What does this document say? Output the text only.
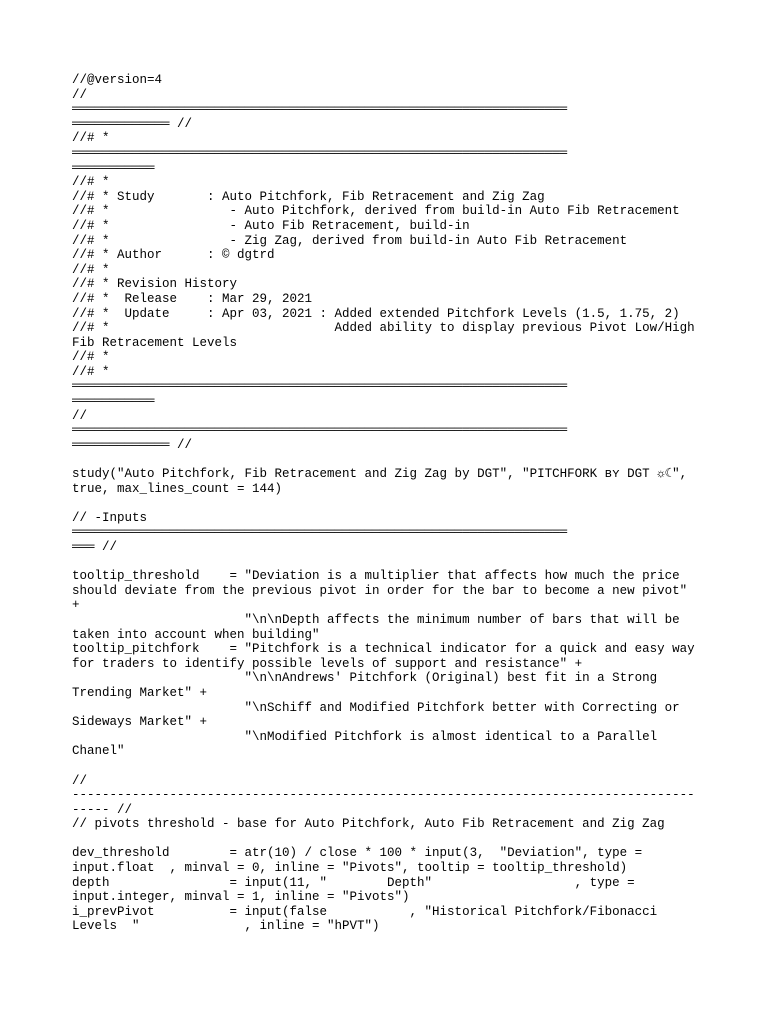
//@version=4
//
══════════════════════════════════════════════════════════════════
═════════════ //
//# *
══════════════════════════════════════════════════════════════════
═══════════
//# *
//# * Study       : Auto Pitchfork, Fib Retracement and Zig Zag
//# *                - Auto Pitchfork, derived from build-in Auto Fib Retracement
//# *                - Auto Fib Retracement, build-in
//# *                - Zig Zag, derived from build-in Auto Fib Retracement
//# * Author      : © dgtrd
//# *
//# * Revision History
//# *  Release    : Mar 29, 2021
//# *  Update     : Apr 03, 2021 : Added extended Pitchfork Levels (1.5, 1.75, 2)
//# *                              Added ability to display previous Pivot Low/High
Fib Retracement Levels
//# *
//# *
══════════════════════════════════════════════════════════════════
═══════════
//
══════════════════════════════════════════════════════════════════
═════════════ //
study("Auto Pitchfork, Fib Retracement and Zig Zag by DGT", "PITCHFORK ʙʏ DGT ☼☾",
true, max_lines_count = 144)
// -Inputs
══════════════════════════════════════════════════════════════════
═══ //
tooltip_threshold    = "Deviation is a multiplier that affects how much the price
should deviate from the previous pivot in order for the bar to become a new pivot"
+
"\n\nDepth affects the minimum number of bars that will be
taken into account when building"
tooltip_pitchfork    = "Pitchfork is a technical indicator for a quick and easy way
for traders to identify possible levels of support and resistance" +
"\n\nAndrews' Pitchfork (Original) best fit in a Strong
Trending Market" +
"\nSchiff and Modified Pitchfork better with Correcting or
Sideways Market" +
"\nModified Pitchfork is almost identical to a Parallel
Chanel"
//
-----------------------------------------------------------------------------------
----- //
// pivots threshold - base for Auto Pitchfork, Auto Fib Retracement and Zig Zag
dev_threshold        = atr(10) / close * 100 * input(3,  "Deviation", type =
input.float  , minval = 0, inline = "Pivots", tooltip = tooltip_threshold)
depth                = input(11, "        Depth"                   , type =
input.integer, minval = 1, inline = "Pivots")
i_prevPivot          = input(false           , "Historical Pitchfork/Fibonacci
Levels  "              , inline = "hPVT")
